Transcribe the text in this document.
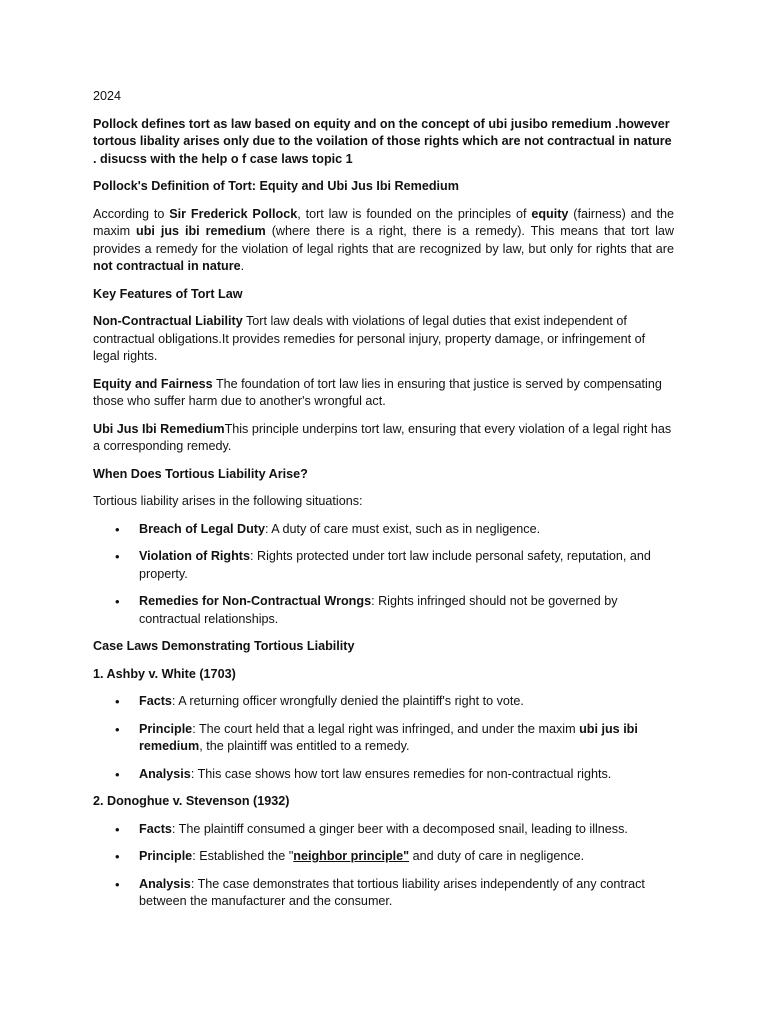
2024

Pollock defines tort as law based on equity and on the concept of ubi jusibo remedium .however tortous libality arises only due to the voilation of those rights which are not contractual in nature . disucss with the help o f case laws topic 1

Pollock's Definition of Tort: Equity and Ubi Jus Ibi Remedium

According to Sir Frederick Pollock, tort law is founded on the principles of equity (fairness) and the maxim ubi jus ibi remedium (where there is a right, there is a remedy). This means that tort law provides a remedy for the violation of legal rights that are recognized by law, but only for rights that are not contractual in nature.

Key Features of Tort Law

Non-Contractual Liability Tort law deals with violations of legal duties that exist independent of contractual obligations.It provides remedies for personal injury, property damage, or infringement of legal rights.

Equity and Fairness The foundation of tort law lies in ensuring that justice is served by compensating those who suffer harm due to another's wrongful act.

Ubi Jus Ibi RemediumThis principle underpins tort law, ensuring that every violation of a legal right has a corresponding remedy.

When Does Tortious Liability Arise?

Tortious liability arises in the following situations:

• Breach of Legal Duty: A duty of care must exist, such as in negligence.
• Violation of Rights: Rights protected under tort law include personal safety, reputation, and property.
• Remedies for Non-Contractual Wrongs: Rights infringed should not be governed by contractual relationships.

Case Laws Demonstrating Tortious Liability

1. Ashby v. White (1703)

• Facts: A returning officer wrongfully denied the plaintiff's right to vote.
• Principle: The court held that a legal right was infringed, and under the maxim ubi jus ibi remedium, the plaintiff was entitled to a remedy.
• Analysis: This case shows how tort law ensures remedies for non-contractual rights.

2. Donoghue v. Stevenson (1932)

• Facts: The plaintiff consumed a ginger beer with a decomposed snail, leading to illness.
• Principle: Established the "neighbor principle" and duty of care in negligence.
• Analysis: The case demonstrates that tortious liability arises independently of any contract between the manufacturer and the consumer.
